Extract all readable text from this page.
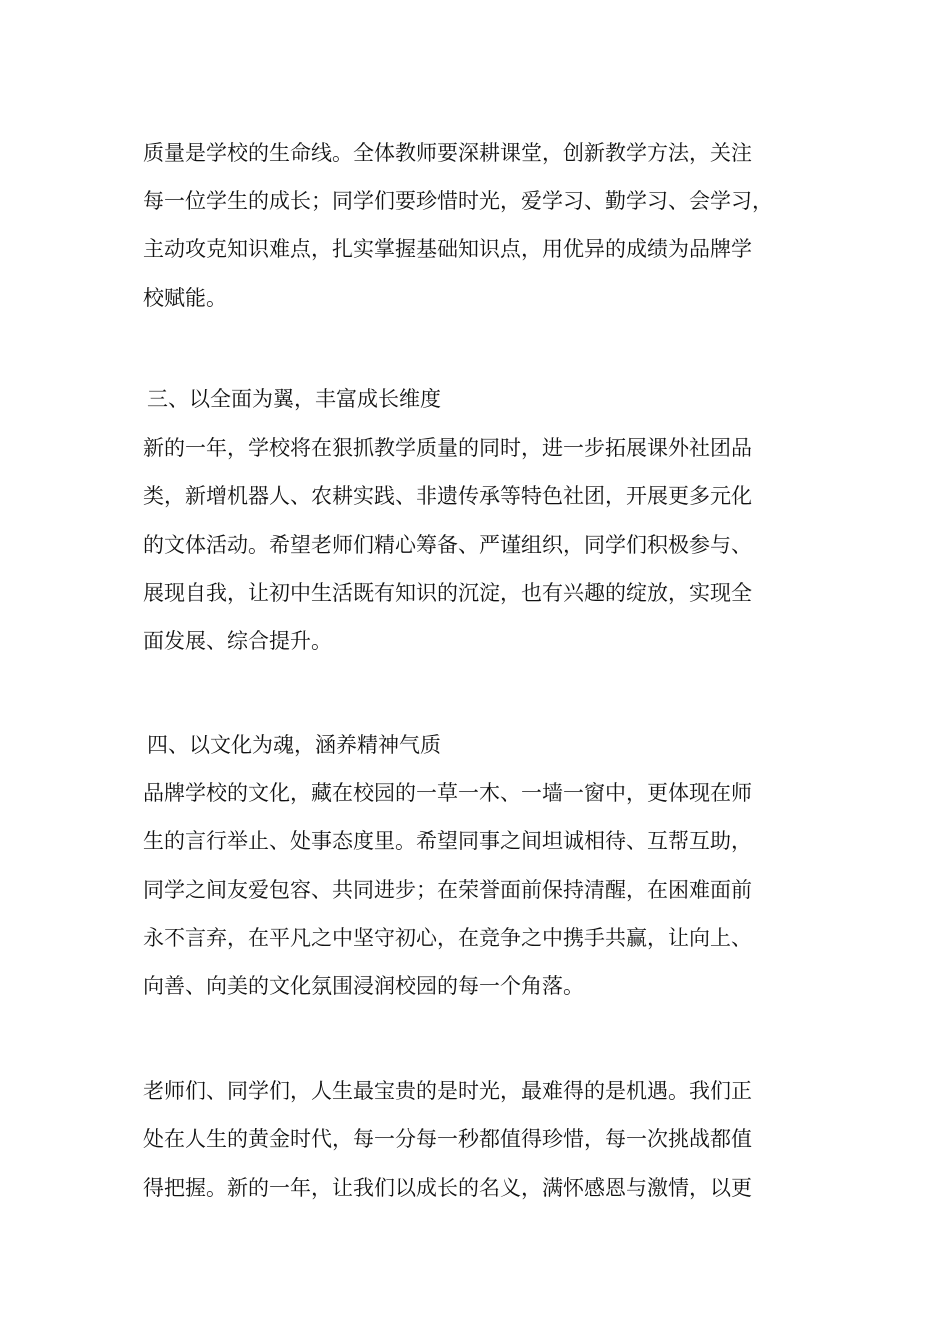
质量是学校的生命线。全体教师要深耕课堂，创新教学方法，关注
每一位学生的成长；同学们要珍惜时光，爱学习、勤学习、会学习，
主动攻克知识难点，扎实掌握基础知识点，用优异的成绩为品牌学
校赋能。
三、以全面为翼，丰富成长维度
新的一年，学校将在狠抓教学质量的同时，进一步拓展课外社团品
类，新增机器人、农耕实践、非遗传承等特色社团，开展更多元化
的文体活动。希望老师们精心筹备、严谨组织，同学们积极参与、
展现自我，让初中生活既有知识的沉淀，也有兴趣的绽放，实现全
面发展、综合提升。
四、以文化为魂，涵养精神气质
品牌学校的文化，藏在校园的一草一木、一墙一窗中，更体现在师
生的言行举止、处事态度里。希望同事之间坦诚相待、互帮互助，
同学之间友爱包容、共同进步；在荣誉面前保持清醒，在困难面前
永不言弃，在平凡之中坚守初心，在竞争之中携手共赢，让向上、
向善、向美的文化氛围浸润校园的每一个角落。
老师们、同学们，人生最宝贵的是时光，最难得的是机遇。我们正
处在人生的黄金时代，每一分每一秒都值得珍惜，每一次挑战都值
得把握。新的一年，让我们以成长的名义，满怀感恩与激情，以更
